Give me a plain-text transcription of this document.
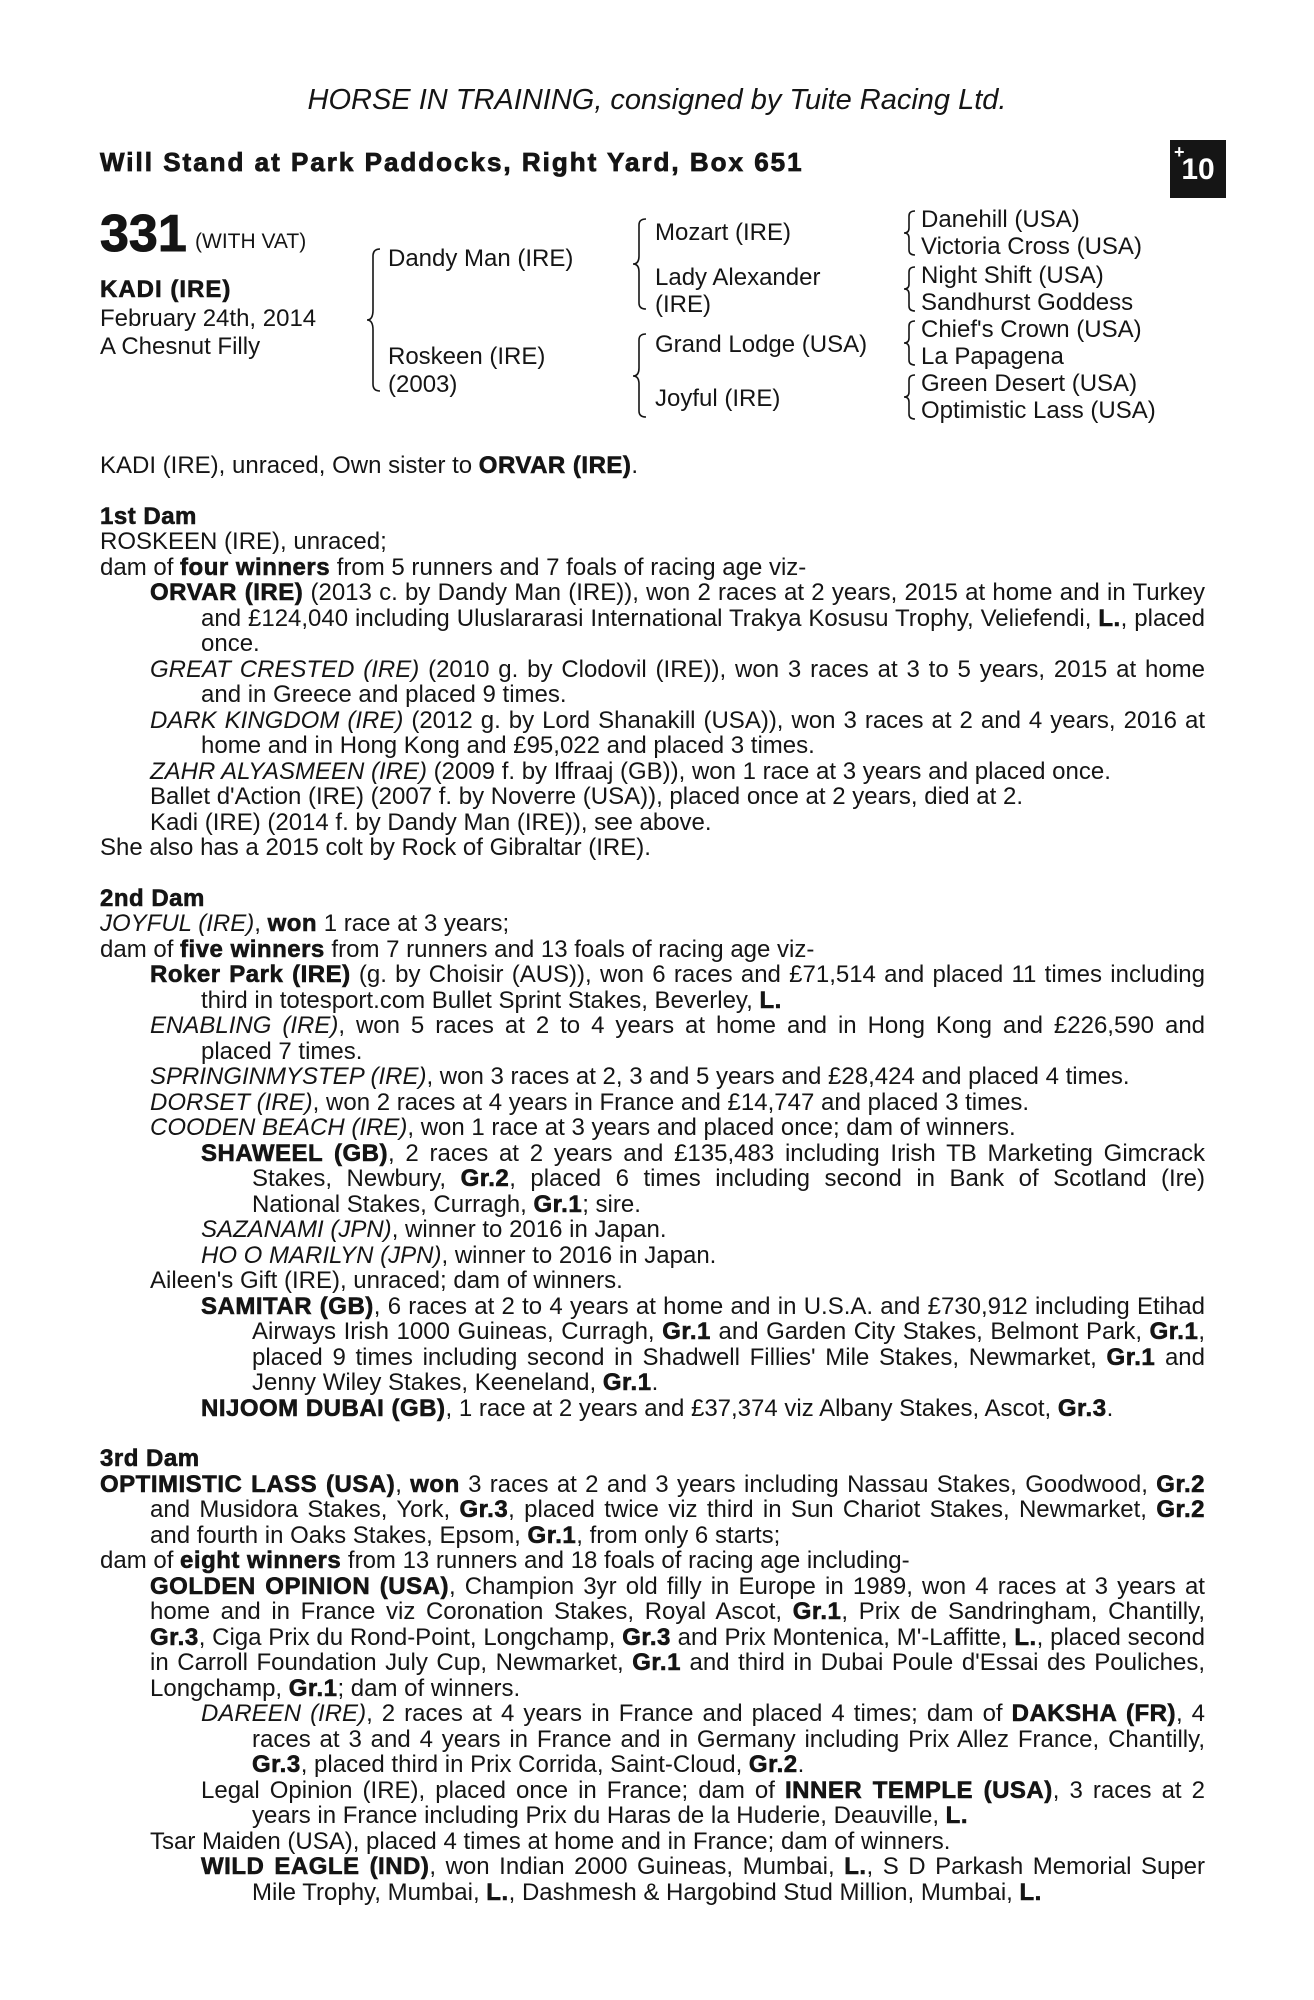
HORSE IN TRAINING, consigned by Tuite Racing Ltd.
Will Stand at Park Paddocks, Right Yard, Box 651	+
10
331 (WITH VAT)
KADI (IRE)
February 24th, 2014
A Chesnut Filly
Dandy Man (IRE)
Roskeen (IRE)
(2003)
Mozart (IRE)
Lady Alexander
(IRE)
Grand Lodge (USA)
Joyful (IRE)
Danehill (USA)
Victoria Cross (USA)
Night Shift (USA)
Sandhurst Goddess
Chief's Crown (USA)
La Papagena
Green Desert (USA)
Optimistic Lass (USA)

KADI (IRE), unraced, Own sister to ORVAR (IRE).

1st Dam

ROSKEEN (IRE), unraced;

dam of four winners from 5 runners and 7 foals of racing age viz-

ORVAR (IRE) (2013 c. by Dandy Man (IRE)), won 2 races at 2 years, 2015 at home and in Turkey and £124,040 including Uluslararasi International Trakya Kosusu Trophy, Veliefendi, L., placed once.

GREAT CRESTED (IRE) (2010 g. by Clodovil (IRE)), won 3 races at 3 to 5 years, 2015 at home and in Greece and placed 9 times.

DARK KINGDOM (IRE) (2012 g. by Lord Shanakill (USA)), won 3 races at 2 and 4 years, 2016 at home and in Hong Kong and £95,022 and placed 3 times.

ZAHR ALYASMEEN (IRE) (2009 f. by Iffraaj (GB)), won 1 race at 3 years and placed once.

Ballet d'Action (IRE) (2007 f. by Noverre (USA)), placed once at 2 years, died at 2.

Kadi (IRE) (2014 f. by Dandy Man (IRE)), see above.

She also has a 2015 colt by Rock of Gibraltar (IRE).

2nd Dam

JOYFUL (IRE), won 1 race at 3 years;

dam of five winners from 7 runners and 13 foals of racing age viz-

Roker Park (IRE) (g. by Choisir (AUS)), won 6 races and £71,514 and placed 11 times including third in totesport.com Bullet Sprint Stakes, Beverley, L.

ENABLING (IRE), won 5 races at 2 to 4 years at home and in Hong Kong and £226,590 and placed 7 times.

SPRINGINMYSTEP (IRE), won 3 races at 2, 3 and 5 years and £28,424 and placed 4 times.

DORSET (IRE), won 2 races at 4 years in France and £14,747 and placed 3 times.

COODEN BEACH (IRE), won 1 race at 3 years and placed once; dam of winners.

SHAWEEL (GB), 2 races at 2 years and £135,483 including Irish TB Marketing Gimcrack Stakes, Newbury, Gr.2, placed 6 times including second in Bank of Scotland (Ire) National Stakes, Curragh, Gr.1; sire.

SAZANAMI (JPN), winner to 2016 in Japan.

HO O MARILYN (JPN), winner to 2016 in Japan.

Aileen's Gift (IRE), unraced; dam of winners.

SAMITAR (GB), 6 races at 2 to 4 years at home and in U.S.A. and £730,912 including Etihad Airways Irish 1000 Guineas, Curragh, Gr.1 and Garden City Stakes, Belmont Park, Gr.1, placed 9 times including second in Shadwell Fillies' Mile Stakes, Newmarket, Gr.1 and Jenny Wiley Stakes, Keeneland, Gr.1.

NIJOOM DUBAI (GB), 1 race at 2 years and £37,374 viz Albany Stakes, Ascot, Gr.3.

3rd Dam

OPTIMISTIC LASS (USA), won 3 races at 2 and 3 years including Nassau Stakes, Goodwood, Gr.2 and Musidora Stakes, York, Gr.3, placed twice viz third in Sun Chariot Stakes, Newmarket, Gr.2 and fourth in Oaks Stakes, Epsom, Gr.1, from only 6 starts;

dam of eight winners from 13 runners and 18 foals of racing age including-

GOLDEN OPINION (USA), Champion 3yr old filly in Europe in 1989, won 4 races at 3 years at home and in France viz Coronation Stakes, Royal Ascot, Gr.1, Prix de Sandringham, Chantilly, Gr.3, Ciga Prix du Rond-Point, Longchamp, Gr.3 and Prix Montenica, M'-Laffitte, L., placed second in Carroll Foundation July Cup, Newmarket, Gr.1 and third in Dubai Poule d'Essai des Pouliches, Longchamp, Gr.1; dam of winners.

DAREEN (IRE), 2 races at 4 years in France and placed 4 times; dam of DAKSHA (FR), 4 races at 3 and 4 years in France and in Germany including Prix Allez France, Chantilly, Gr.3, placed third in Prix Corrida, Saint-Cloud, Gr.2.

Legal Opinion (IRE), placed once in France; dam of INNER TEMPLE (USA), 3 races at 2 years in France including Prix du Haras de la Huderie, Deauville, L.

Tsar Maiden (USA), placed 4 times at home and in France; dam of winners.

WILD EAGLE (IND), won Indian 2000 Guineas, Mumbai, L., S D Parkash Memorial Super Mile Trophy, Mumbai, L., Dashmesh & Hargobind Stud Million, Mumbai, L.
